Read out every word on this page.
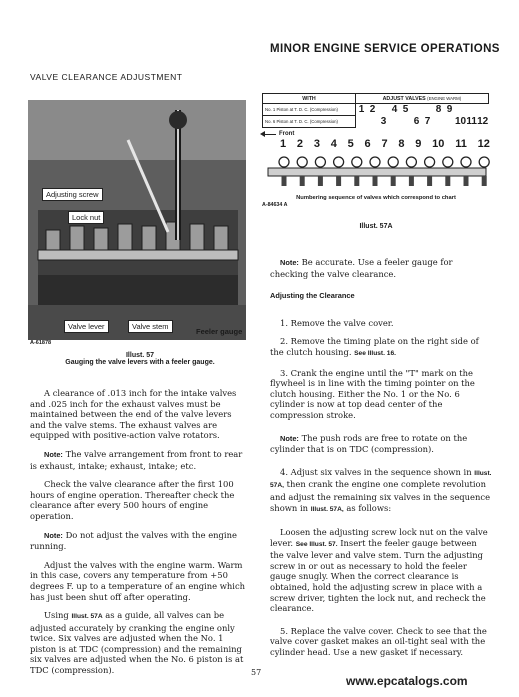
MINOR ENGINE SERVICE OPERATIONS
VALVE CLEARANCE ADJUSTMENT
Adjusting screw
Lock nut
Valve lever	Valve stem
Feeler gauge
A-61878
Illust. 57
Gauging the valve levers with a feeler gauge.

A clearance of .013 inch for the intake valves and .025 inch for the exhaust valves must be maintained between the end of the valve levers and the valve stems. The exhaust valves are equipped with positive-action valve rotators.

Note: The valve arrangement from front to rear is exhaust, intake; exhaust, intake; etc.

Check the valve clearance after the first 100 hours of engine operation. Thereafter check the clearance after every 500 hours of engine operation.

Note: Do not adjust the valves with the engine running.

Adjust the valves with the engine warm. Warm in this case, covers any temperature from +50 degrees F. up to a temperature of an engine which has just been shut off after operating.

Using Illust. 57A as a guide, all valves can be adjusted accurately by cranking the engine only twice. Six valves are adjusted when the No. 1 piston is at TDC (compression) and the remaining six valves are adjusted when the No. 6 piston is at TDC (compression).

WITH	ADJUST VALVES (ENGINE WARM)											
No. 1 Piston at T. D. C. (Compression)	1	2		4	5			8	9			
No. 6 Piston at T. D. C. (Compression)			3			6	7			10	11	12
Front
1 2 3 4 5 6 7 8 9 10 11 12
Numbering sequence of valves which correspond to chart
A-84634 A
Illust. 57A

Note: Be accurate. Use a feeler gauge for checking the valve clearance.

Adjusting the Clearance

1. Remove the valve cover.

2. Remove the timing plate on the right side of the clutch housing. See Illust. 16.

3. Crank the engine until the "T" mark on the flywheel is in line with the timing pointer on the clutch housing. Either the No. 1 or the No. 6 cylinder is now at top dead center of the compression stroke.

Note: The push rods are free to rotate on the cylinder that is on TDC (compression).

4. Adjust six valves in the sequence shown in Illust. 57A, then crank the engine one complete revolution and adjust the remaining six valves in the sequence shown in Illust. 57A, as follows:

Loosen the adjusting screw lock nut on the valve lever. See Illust. 57. Insert the feeler gauge between the valve lever and valve stem. Turn the adjusting screw in or out as necessary to hold the feeler gauge snugly. When the correct clearance is obtained, hold the adjusting screw in place with a screw driver, tighten the lock nut, and recheck the clearance.

5. Replace the valve cover. Check to see that the valve cover gasket makes an oil-tight seal with the cylinder head. Use a new gasket if necessary.

57
www.epcatalogs.com
